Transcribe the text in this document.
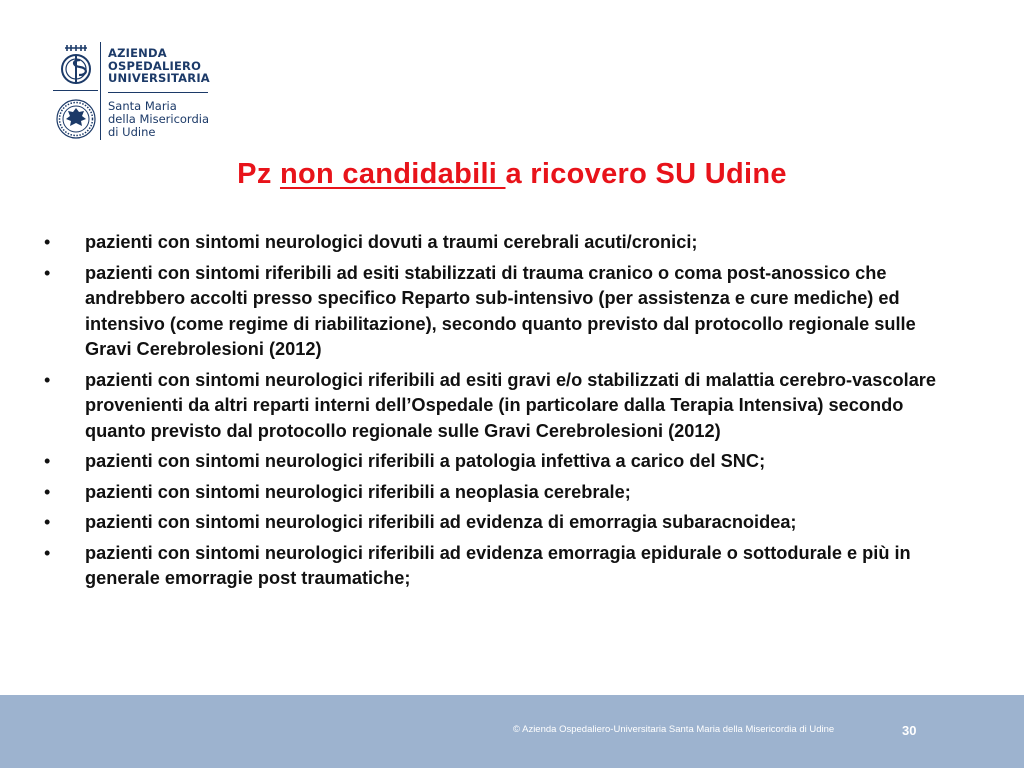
AZIENDA
OSPEDALIERO
UNIVERSITARIA
Santa Maria
della Misericordia
di Udine
Pz non candidabili a ricovero SU Udine
•	pazienti con sintomi neurologici dovuti a traumi cerebrali acuti/cronici;
•	pazienti con sintomi riferibili ad esiti stabilizzati di trauma cranico o coma post-anossico che andrebbero accolti presso specifico Reparto sub-intensivo (per assistenza e cure mediche) ed intensivo (come regime di riabilitazione), secondo quanto previsto dal protocollo regionale sulle Gravi Cerebrolesioni (2012)
•	pazienti con sintomi neurologici riferibili ad esiti gravi e/o stabilizzati di malattia cerebro-vascolare provenienti da altri reparti interni dell’Ospedale (in particolare dalla Terapia Intensiva) secondo quanto previsto dal protocollo regionale sulle Gravi Cerebrolesioni (2012)
•	pazienti con sintomi neurologici riferibili a patologia infettiva a carico del SNC;
•	pazienti con sintomi neurologici riferibili a neoplasia cerebrale;
•	pazienti con sintomi neurologici riferibili ad evidenza di emorragia subaracnoidea;
•	pazienti con sintomi neurologici riferibili ad evidenza emorragia epidurale o sottodurale e più in generale emorragie post traumatiche;
© Azienda Ospedaliero-Universitaria Santa Maria della Misericordia di Udine	30
